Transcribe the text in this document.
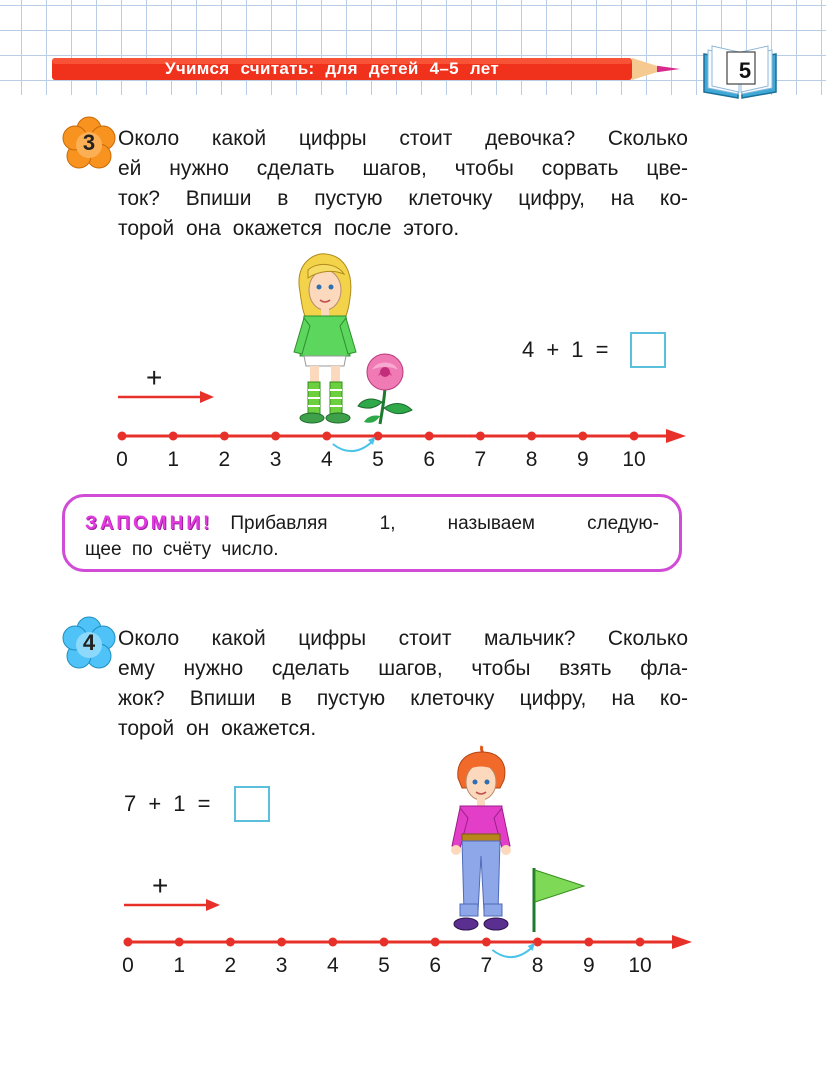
Учимся считать: для детей 4–5 лет	5
3	Около какой цифры стоит девочка? Сколько
ей нужно сделать шагов, чтобы сорвать цве-
ток? Впиши в пустую клеточку цифру, на ко-
торой она окажется после этого.
4 + 1 =
+
0 1 2 3 4 5 6 7 8 9 10
ЗАПОМНИ! Прибавляя 1, называем следую-
щее по счёту число.
4	Около какой цифры стоит мальчик? Сколько
ему нужно сделать шагов, чтобы взять фла-
жок? Впиши в пустую клеточку цифру, на ко-
торой он окажется.
7 + 1 =
+
0 1 2 3 4 5 6 7 8 9 10
